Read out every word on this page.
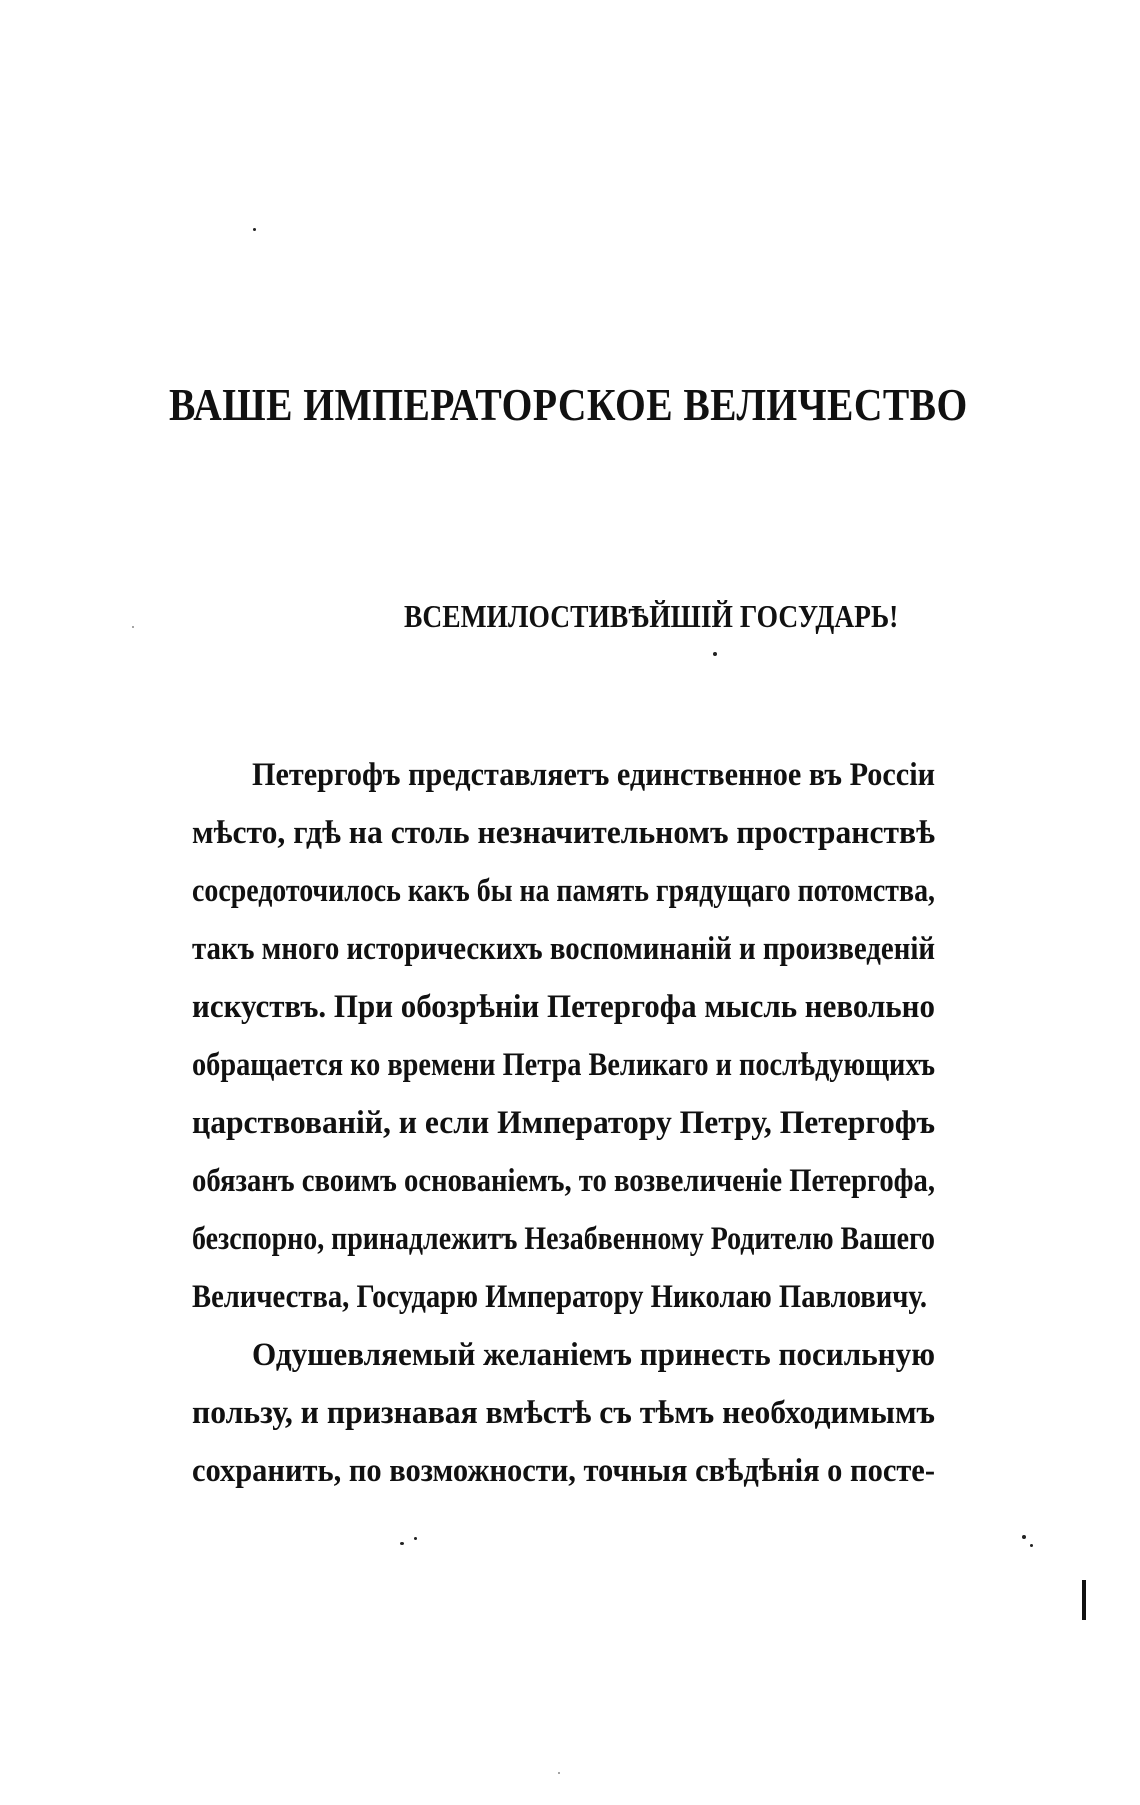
ВАШЕ ИМПЕРАТОРСКОЕ ВЕЛИЧЕСТВО
ВСЕМИЛОСТИВѢЙШІЙ ГОСУДАРЬ!
Петергофъ представляетъ единственное въ Россіи
мѣсто, гдѣ на столь незначительномъ пространствѣ
сосредоточилось какъ бы на память грядущаго потомства,
такъ много историческихъ воспоминаній и произведеній
искуствъ. При обозрѣніи Петергофа мысль невольно
обращается ко времени Петра Великаго и послѣдующихъ
царствованій, и если Императору Петру, Петергофъ
обязанъ своимъ основаніемъ, то возвеличеніе Петергофа,
безспорно, принадлежитъ Незабвенному Родителю Вашего
Величества, Государю Императору Николаю Павловичу.
Одушевляемый желаніемъ принесть посильную
пользу, и признавая вмѣстѣ съ тѣмъ необходимымъ
сохранить, по возможности, точныя свѣдѣнія о посте-
